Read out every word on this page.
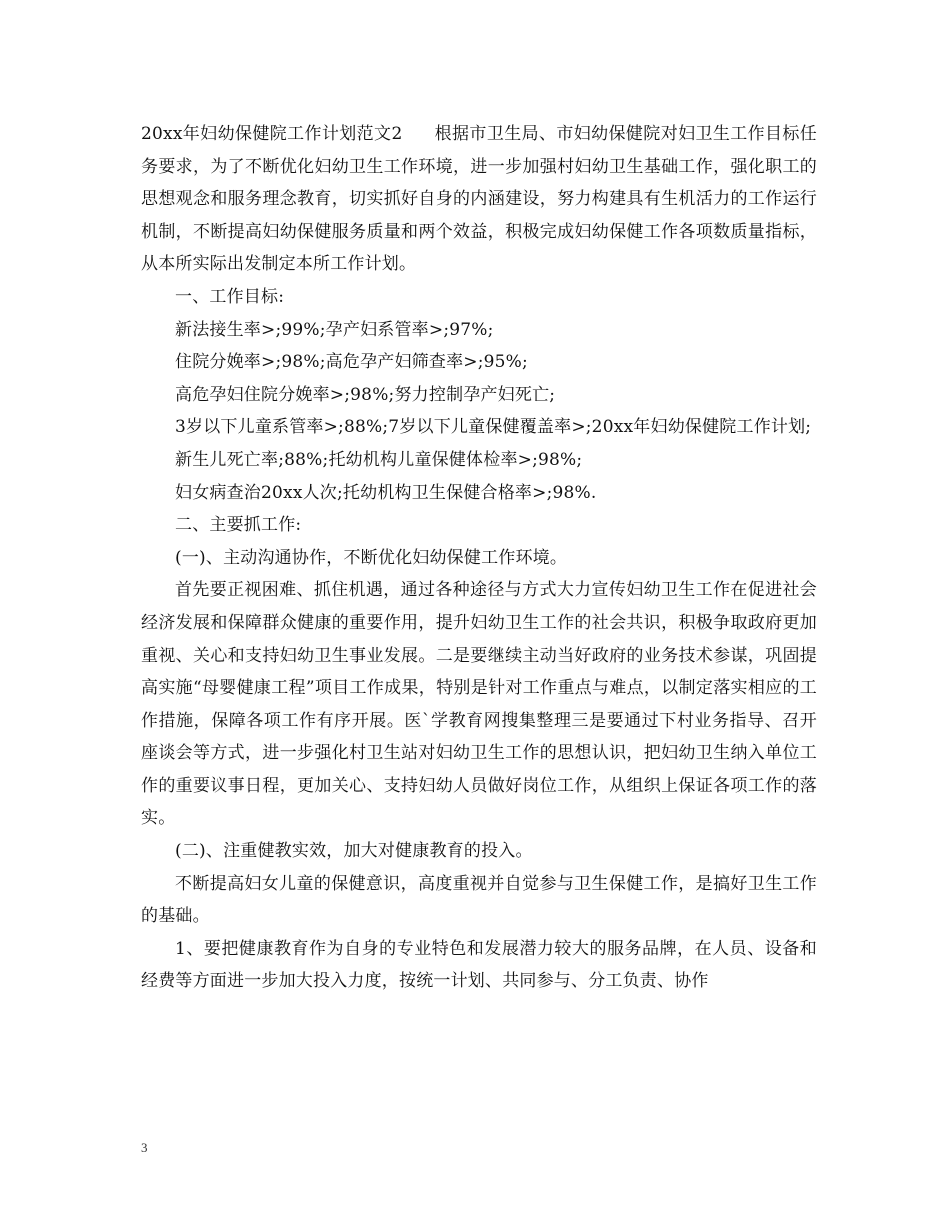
20xx年妇幼保健院工作计划范文2 根据市卫生局、市妇幼保健院对妇卫生工作目标任务要求，为了不断优化妇幼卫生工作环境，进一步加强村妇幼卫生基础工作，强化职工的思想观念和服务理念教育，切实抓好自身的内涵建设，努力构建具有生机活力的工作运行机制，不断提高妇幼保健服务质量和两个效益，积极完成妇幼保健工作各项数质量指标，从本所实际出发制定本所工作计划。

一、工作目标:

新法接生率>;99%;孕产妇系管率>;97%;

住院分娩率>;98%;高危孕产妇筛查率>;95%;

高危孕妇住院分娩率>;98%;努力控制孕产妇死亡;

3岁以下儿童系管率>;88%;7岁以下儿童保健覆盖率>;20xx年妇幼保健院工作计划;

新生儿死亡率;88%;托幼机构儿童保健体检率>;98%;

妇女病查治20xx人次;托幼机构卫生保健合格率>;98%.

二、主要抓工作:

(一)、主动沟通协作，不断优化妇幼保健工作环境。

首先要正视困难、抓住机遇，通过各种途径与方式大力宣传妇幼卫生工作在促进社会经济发展和保障群众健康的重要作用，提升妇幼卫生工作的社会共识，积极争取政府更加重视、关心和支持妇幼卫生事业发展。二是要继续主动当好政府的业务技术参谋，巩固提高实施“母婴健康工程”项目工作成果，特别是针对工作重点与难点，以制定落实相应的工作措施，保障各项工作有序开展。医`学教育网搜集整理三是要通过下村业务指导、召开座谈会等方式，进一步强化村卫生站对妇幼卫生工作的思想认识，把妇幼卫生纳入单位工作的重要议事日程，更加关心、支持妇幼人员做好岗位工作，从组织上保证各项工作的落实。

(二)、注重健教实效，加大对健康教育的投入。

不断提高妇女儿童的保健意识，高度重视并自觉参与卫生保健工作，是搞好卫生工作的基础。

1、要把健康教育作为自身的专业特色和发展潜力较大的服务品牌，在人员、设备和经费等方面进一步加大投入力度，按统一计划、共同参与、分工负责、协作

3
